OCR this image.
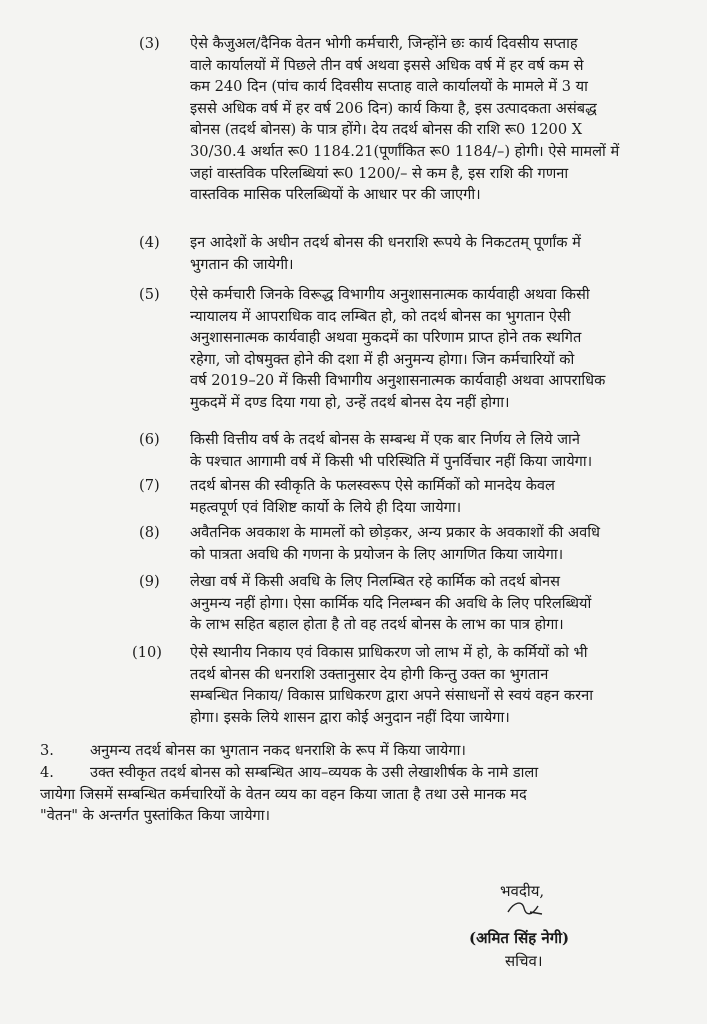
(3) ऐसे कैजुअल/दैनिक वेतन भोगी कर्मचारी, जिन्होंने छः कार्य दिवसीय सप्ताह
वाले कार्यालयों में पिछले तीन वर्ष अथवा इससे अधिक वर्ष में हर वर्ष कम से
कम 240 दिन (पांच कार्य दिवसीय सप्ताह वाले कार्यालयों के मामले में 3 या
इससे अधिक वर्ष में हर वर्ष 206 दिन) कार्य किया है, इस उत्पादकता असंबद्ध
बोनस (तदर्थ बोनस) के पात्र होंगे। देय तदर्थ बोनस की राशि रू0 1200 X
30/30.4 अर्थात रू0 1184.21(पूर्णांकित रू0 1184/–) होगी। ऐसे मामलों में
जहां वास्तविक परिलब्धियां रू0 1200/– से कम है, इस राशि की गणना
वास्तविक मासिक परिलब्धियों के आधार पर की जाएगी।
(4) इन आदेशों के अधीन तदर्थ बोनस की धनराशि रूपये के निकटतम् पूर्णांक में
भुगतान की जायेगी।
(5) ऐसे कर्मचारी जिनके विरूद्ध विभागीय अनुशासनात्मक कार्यवाही अथवा किसी
न्यायालय में आपराधिक वाद लम्बित हो, को तदर्थ बोनस का भुगतान ऐसी
अनुशासनात्मक कार्यवाही अथवा मुकदमें का परिणाम प्राप्त होने तक स्थगित
रहेगा, जो दोषमुक्त होने की दशा में ही अनुमन्य होगा। जिन कर्मचारियों को
वर्ष 2019–20 में किसी विभागीय अनुशासनात्मक कार्यवाही अथवा आपराधिक
मुकदमें में दण्ड दिया गया हो, उन्हें तदर्थ बोनस देय नहीं होगा।
(6) किसी वित्तीय वर्ष के तदर्थ बोनस के सम्बन्ध में एक बार निर्णय ले लिये जाने
के पश्चात आगामी वर्ष में किसी भी परिस्थिति में पुनर्विचार नहीं किया जायेगा।
(7) तदर्थ बोनस की स्वीकृति के फलस्वरूप ऐसे कार्मिकों को मानदेय केवल
महत्वपूर्ण एवं विशिष्ट कार्यो के लिये ही दिया जायेगा।
(8) अवैतनिक अवकाश के मामलों को छोड़कर, अन्य प्रकार के अवकाशों की अवधि
को पात्रता अवधि की गणना के प्रयोजन के लिए आगणित किया जायेगा।
(9) लेखा वर्ष में किसी अवधि के लिए निलम्बित रहे कार्मिक को तदर्थ बोनस
अनुमन्य नहीं होगा। ऐसा कार्मिक यदि निलम्बन की अवधि के लिए परिलब्धियों
के लाभ सहित बहाल होता है तो वह तदर्थ बोनस के लाभ का पात्र होगा।
(10) ऐसे स्थानीय निकाय एवं विकास प्राधिकरण जो लाभ में हो, के कर्मियों को भी
तदर्थ बोनस की धनराशि उक्तानुसार देय होगी किन्तु उक्त का भुगतान
सम्बन्धित निकाय/ विकास प्राधिकरण द्वारा अपने संसाधनों से स्वयं वहन करना
होगा। इसके लिये शासन द्वारा कोई अनुदान नहीं दिया जायेगा।
3. अनुमन्य तदर्थ बोनस का भुगतान नकद धनराशि के रूप में किया जायेगा।
4.	उक्त स्वीकृत तदर्थ बोनस को सम्बन्धित आय–व्ययक के उसी लेखाशीर्षक के नामे डाला
जायेगा जिसमें सम्बन्धित कर्मचारियों के वेतन व्यय का वहन किया जाता है तथा उसे मानक मद
"वेतन" के अन्तर्गत पुस्तांकित किया जायेगा।
भवदीय,
(अमित सिंह नेगी)
सचिव।
